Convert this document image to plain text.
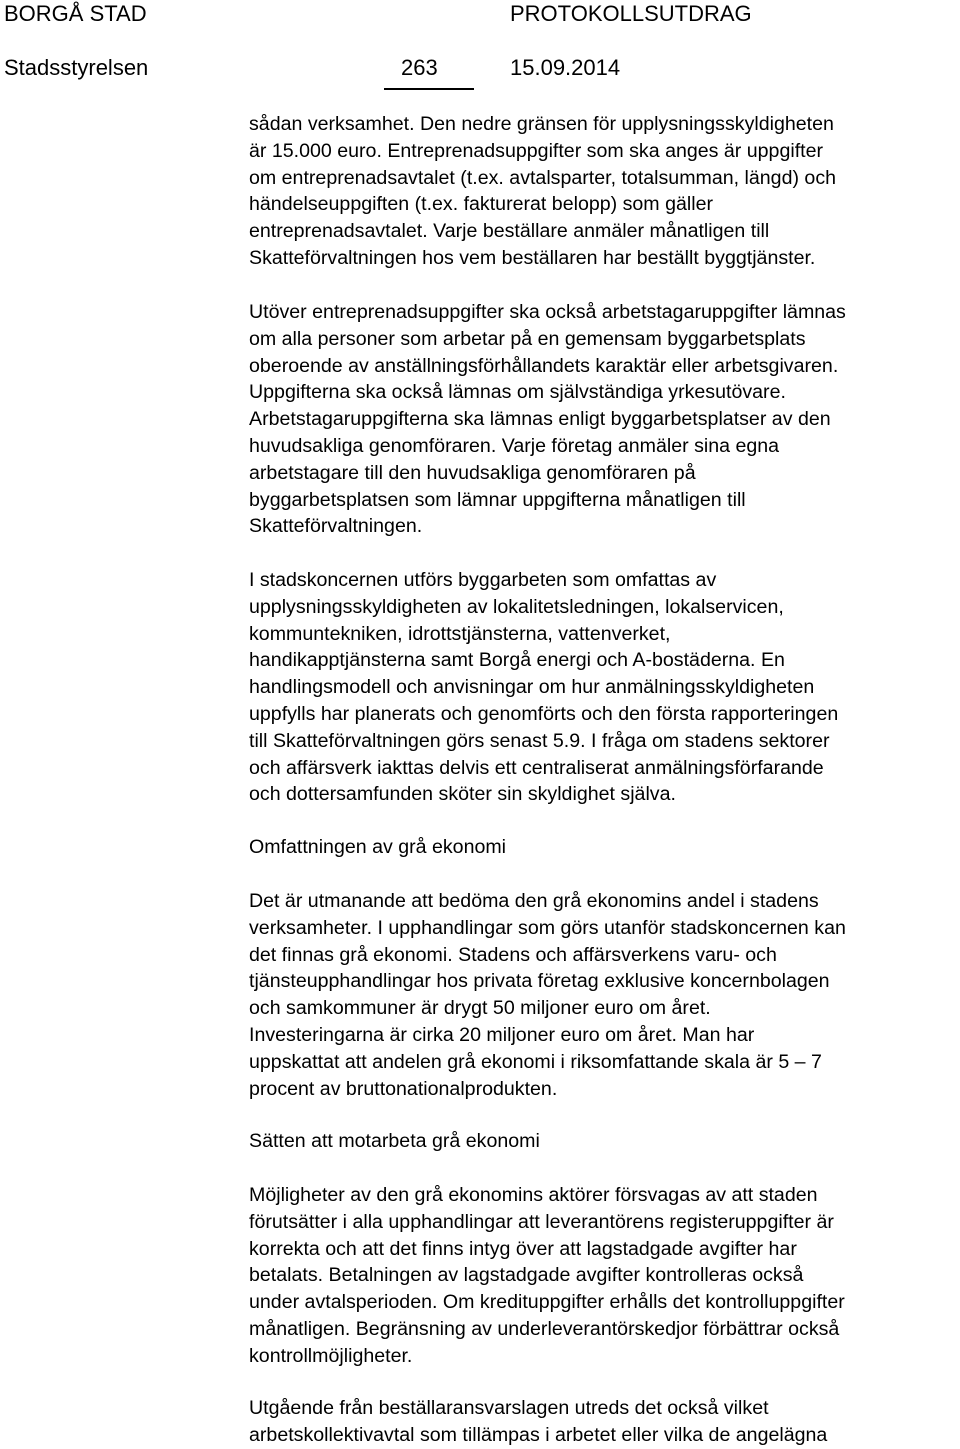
BORGÅ STAD	PROTOKOLLSUTDRAG
Stadsstyrelsen	263	15.09.2014

sådan verksamhet. Den nedre gränsen för upplysningsskyldigheten
är 15.000 euro. Entreprenadsuppgifter som ska anges är uppgifter
om entreprenadsavtalet (t.ex. avtalsparter, totalsumman, längd) och
händelseuppgiften (t.ex. fakturerat belopp) som gäller
entreprenadsavtalet. Varje beställare anmäler månatligen till
Skatteförvaltningen hos vem beställaren har beställt byggtjänster.

Utöver entreprenadsuppgifter ska också arbetstagaruppgifter lämnas
om alla personer som arbetar på en gemensam byggarbetsplats
oberoende av anställningsförhållandets karaktär eller arbetsgivaren.
Uppgifterna ska också lämnas om självständiga yrkesutövare.
Arbetstagaruppgifterna ska lämnas enligt byggarbetsplatser av den
huvudsakliga genomföraren. Varje företag anmäler sina egna
arbetstagare till den huvudsakliga genomföraren på
byggarbetsplatsen som lämnar uppgifterna månatligen till
Skatteförvaltningen.

I stadskoncernen utförs byggarbeten som omfattas av
upplysningsskyldigheten av lokalitetsledningen, lokalservicen,
kommuntekniken, idrottstjänsterna, vattenverket,
handikapptjänsterna samt Borgå energi och A-bostäderna. En
handlingsmodell och anvisningar om hur anmälningsskyldigheten
uppfylls har planerats och genomförts och den första rapporteringen
till Skatteförvaltningen görs senast 5.9. I fråga om stadens sektorer
och affärsverk iakttas delvis ett centraliserat anmälningsförfarande
och dottersamfunden sköter sin skyldighet själva.

Omfattningen av grå ekonomi

Det är utmanande att bedöma den grå ekonomins andel i stadens
verksamheter. I upphandlingar som görs utanför stadskoncernen kan
det finnas grå ekonomi. Stadens och affärsverkens varu- och
tjänsteupphandlingar hos privata företag exklusive koncernbolagen
och samkommuner är drygt 50 miljoner euro om året.
Investeringarna är cirka 20 miljoner euro om året. Man har
uppskattat att andelen grå ekonomi i riksomfattande skala är 5 – 7
procent av bruttonationalprodukten.

Sätten att motarbeta grå ekonomi

Möjligheter av den grå ekonomins aktörer försvagas av att staden
förutsätter i alla upphandlingar att leverantörens registeruppgifter är
korrekta och att det finns intyg över att lagstadgade avgifter har
betalats. Betalningen av lagstadgade avgifter kontrolleras också
under avtalsperioden. Om kredituppgifter erhålls det kontrolluppgifter
månatligen. Begränsning av underleverantörskedjor förbättrar också
kontrollmöjligheter.

Utgående från beställaransvarslagen utreds det också vilket
arbetskollektivavtal som tillämpas i arbetet eller vilka de angelägna
